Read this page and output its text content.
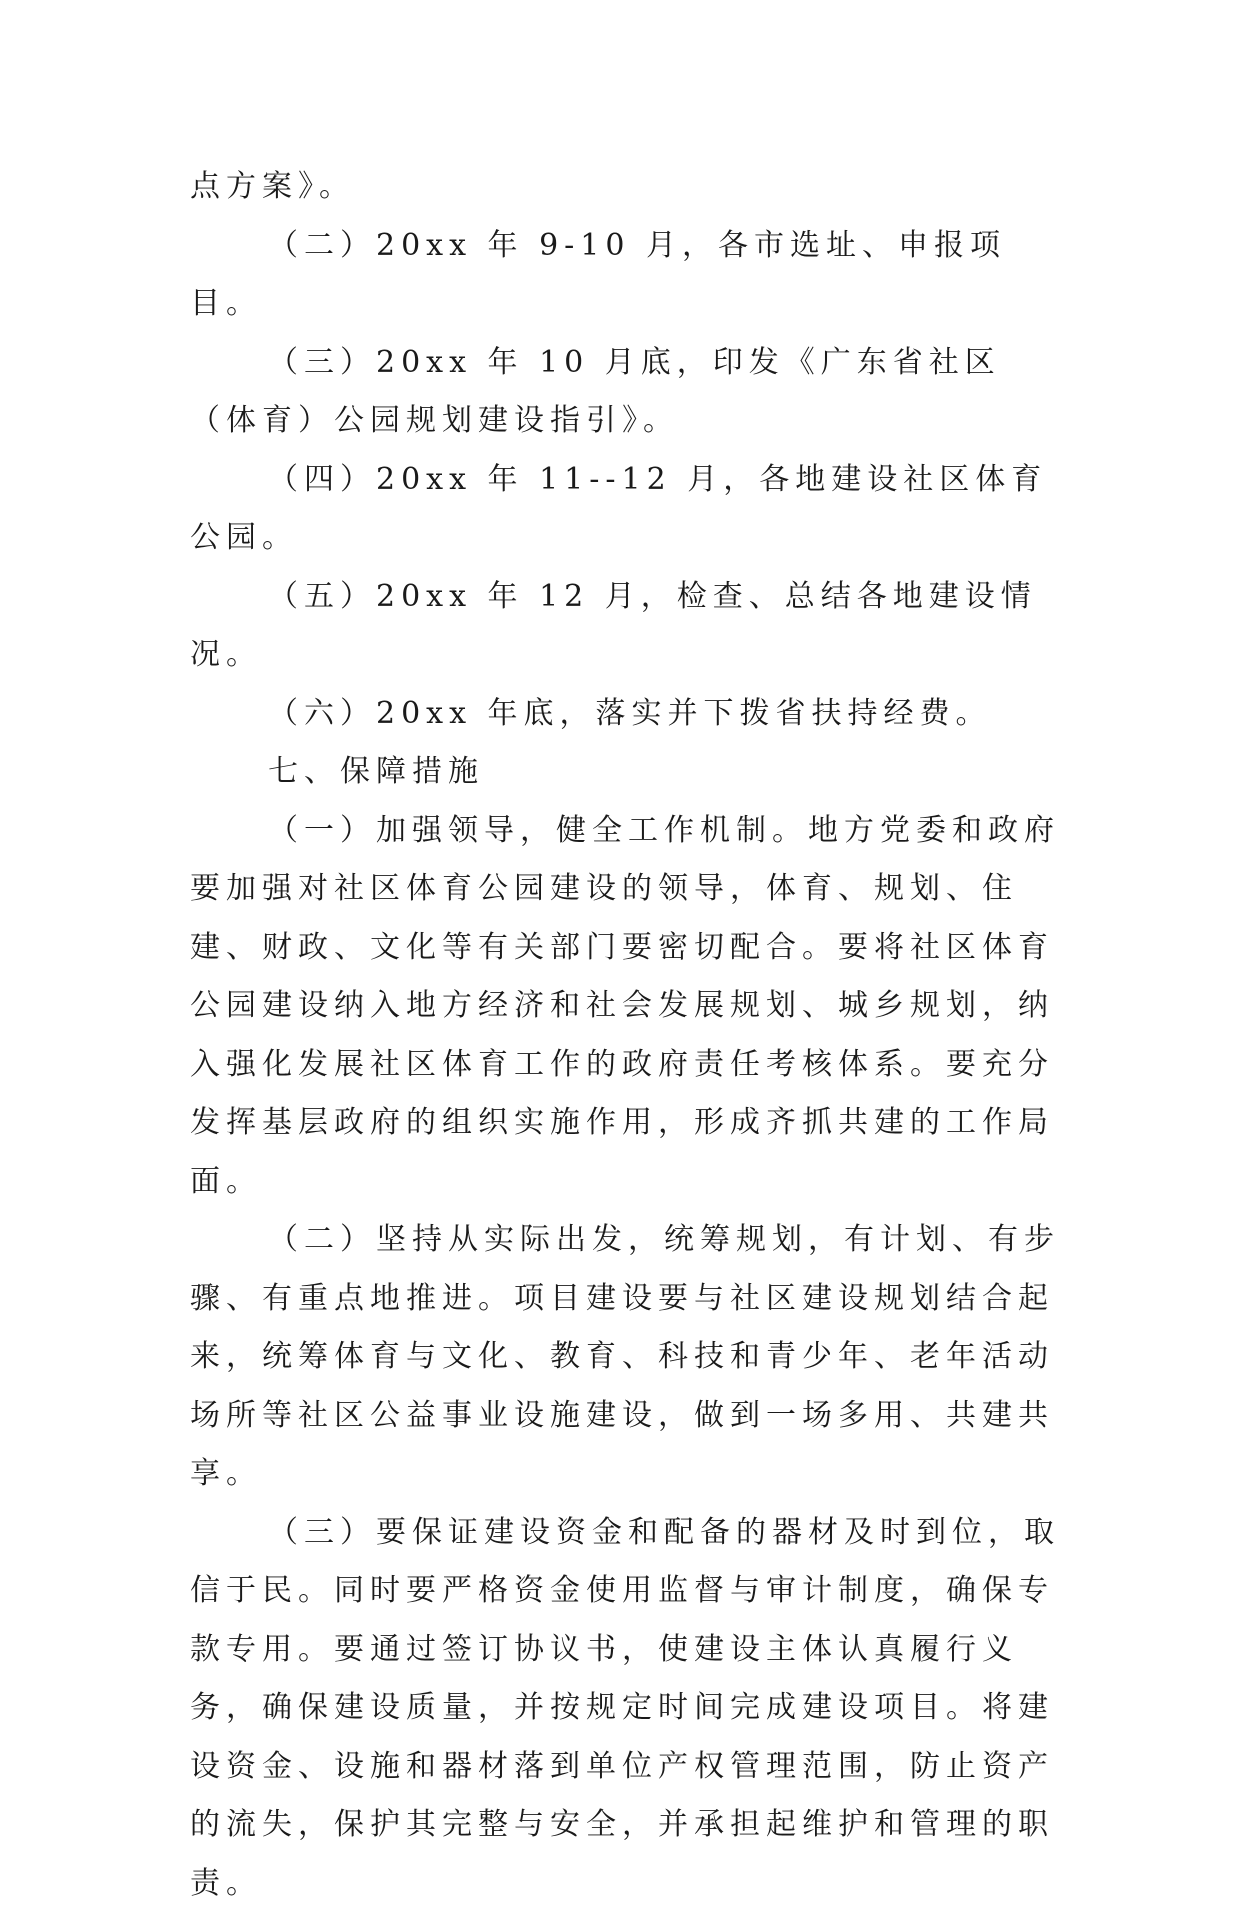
点方案》。

（二）20xx 年 9-10 月，各市选址、申报项目。

（三）20xx 年 10 月底，印发《广东省社区（体育）公园规划建设指引》。

（四）20xx 年 11--12 月，各地建设社区体育公园。

（五）20xx 年 12 月，检查、总结各地建设情况。

（六）20xx 年底，落实并下拨省扶持经费。

七、保障措施

（一）加强领导，健全工作机制。地方党委和政府要加强对社区体育公园建设的领导，体育、规划、住建、财政、文化等有关部门要密切配合。要将社区体育公园建设纳入地方经济和社会发展规划、城乡规划，纳入强化发展社区体育工作的政府责任考核体系。要充分发挥基层政府的组织实施作用，形成齐抓共建的工作局面。

（二）坚持从实际出发，统筹规划，有计划、有步骤、有重点地推进。项目建设要与社区建设规划结合起来，统筹体育与文化、教育、科技和青少年、老年活动场所等社区公益事业设施建设，做到一场多用、共建共享。

（三）要保证建设资金和配备的器材及时到位，取信于民。同时要严格资金使用监督与审计制度，确保专款专用。要通过签订协议书，使建设主体认真履行义务，确保建设质量，并按规定时间完成建设项目。将建设资金、设施和器材落到单位产权管理范围，防止资产的流失，保护其完整与安全，并承担起维护和管理的职责。
